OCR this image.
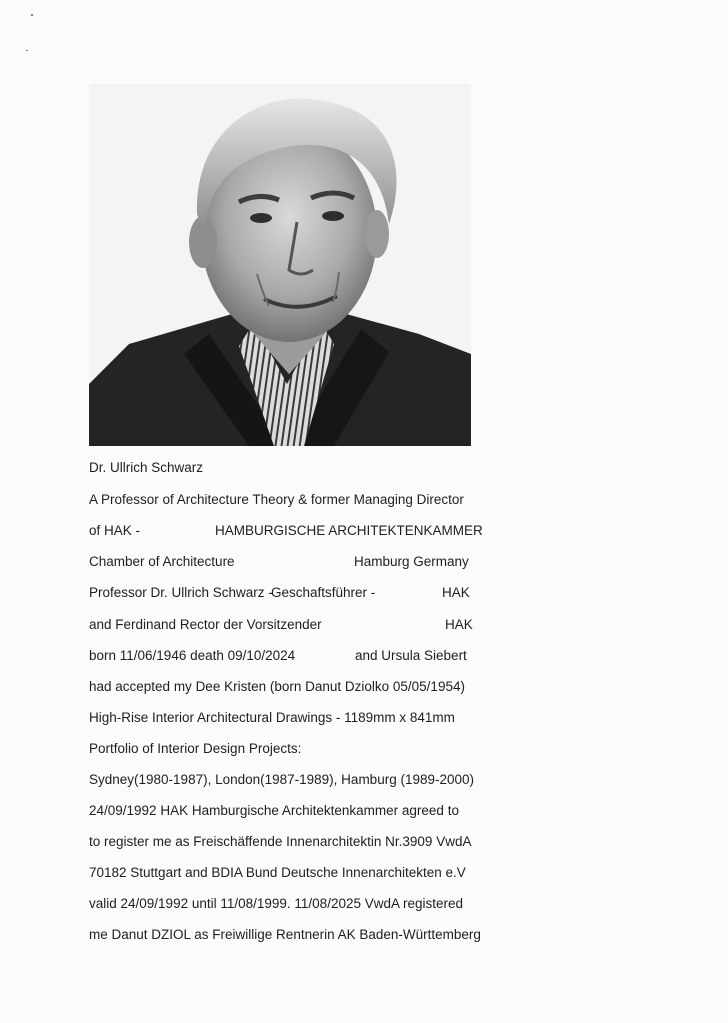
Dr. Ullrich Schwarz
A Professor of Architecture Theory & former Managing Director
of HAK -	HAMBURGISCHE ARCHITEKTENKAMMER
Chamber of Architecture	Hamburg Germany
Professor Dr. Ullrich Schwarz -
Geschaftsführer -	HAK
and Ferdinand Rector der Vorsitzender	HAK
born 11/06/1946 death 09/10/2024	and Ursula Siebert
had accepted my Dee Kristen (born Danut Dziolko 05/05/1954)
High-Rise Interior Architectural Drawings - 1189mm x 841mm
Portfolio of Interior Design Projects:
Sydney(1980-1987), London(1987-1989), Hamburg (1989-2000)
24/09/1992 HAK Hamburgische Architektenkammer agreed to
to register me as Freischäffende Innenarchitektin Nr.3909 VwdA
70182 Stuttgart and BDIA Bund Deutsche Innenarchitekten e.V
valid 24/09/1992 until 11/08/1999. 11/08/2025 VwdA registered
me Danut DZIOL as Freiwillige Rentnerin AK Baden-Württemberg
